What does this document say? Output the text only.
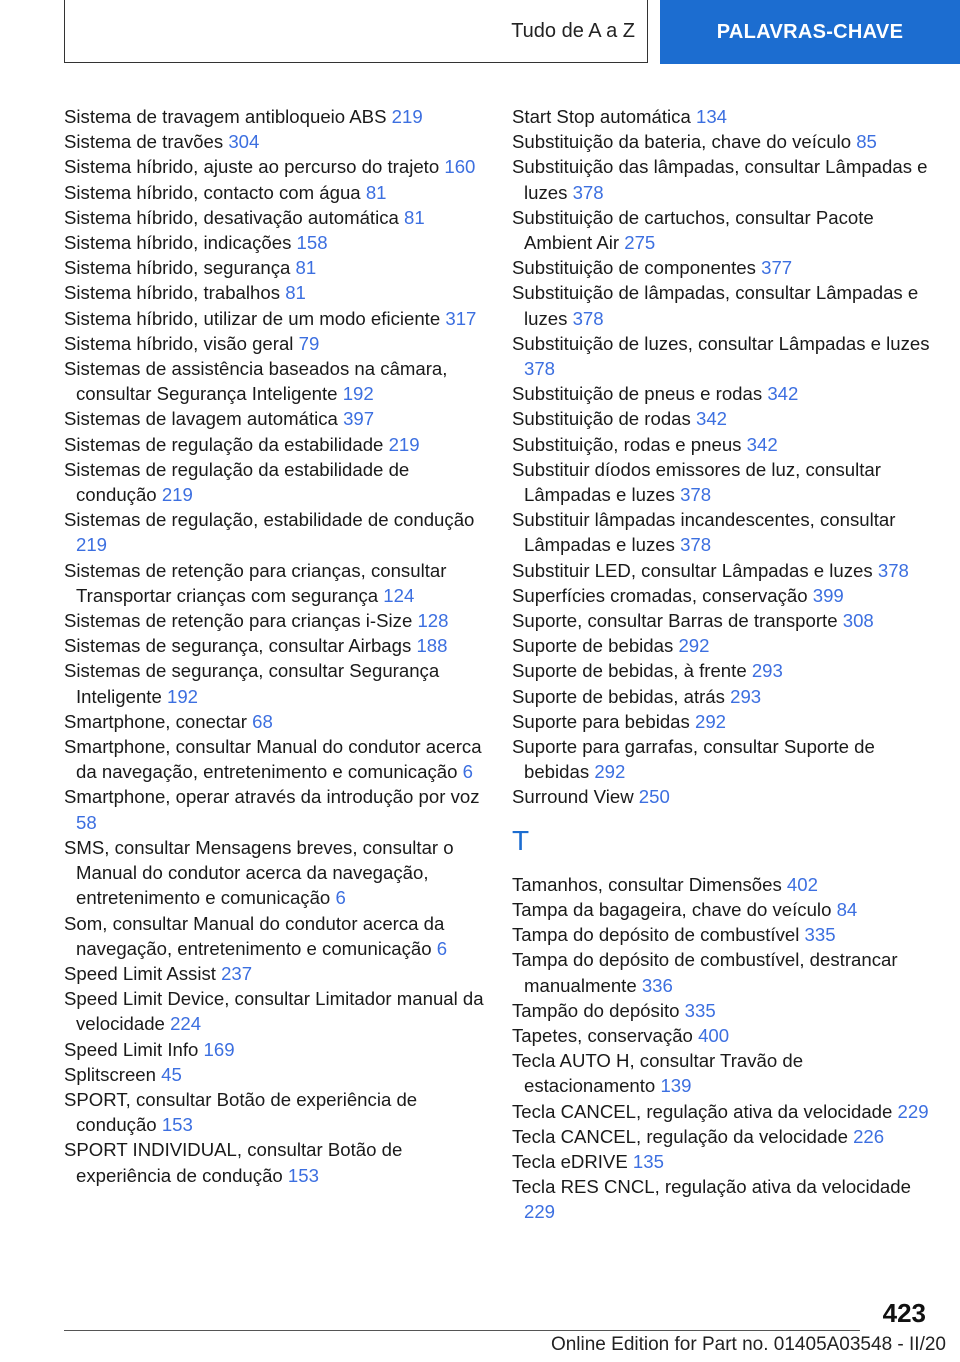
Tudo de A a Z	PALAVRAS-CHAVE
Sistema de travagem antibloqueio ABS 219
Sistema de travões 304
Sistema híbrido, ajuste ao percurso do trajeto 160
Sistema híbrido, contacto com água 81
Sistema híbrido, desativação automática 81
Sistema híbrido, indicações 158
Sistema híbrido, segurança 81
Sistema híbrido, trabalhos 81
Sistema híbrido, utilizar de um modo eficiente 317
Sistema híbrido, visão geral 79
Sistemas de assistência baseados na câmara, consultar Segurança Inteligente 192
Sistemas de lavagem automática 397
Sistemas de regulação da estabilidade 219
Sistemas de regulação da estabilidade de condução 219
Sistemas de regulação, estabilidade de condução 219
Sistemas de retenção para crianças, consultar Transportar crianças com segurança 124
Sistemas de retenção para crianças i-Size 128
Sistemas de segurança, consultar Airbags 188
Sistemas de segurança, consultar Segurança Inteligente 192
Smartphone, conectar 68
Smartphone, consultar Manual do condutor acerca da navegação, entretenimento e comunicação 6
Smartphone, operar através da introdução por voz 58
SMS, consultar Mensagens breves, consultar o Manual do condutor acerca da navegação, entretenimento e comunicação 6
Som, consultar Manual do condutor acerca da navegação, entretenimento e comunicação 6
Speed Limit Assist 237
Speed Limit Device, consultar Limitador manual da velocidade 224
Speed Limit Info 169
Splitscreen 45
SPORT, consultar Botão de experiência de condução 153
SPORT INDIVIDUAL, consultar Botão de experiência de condução 153
Start Stop automática 134
Substituição da bateria, chave do veículo 85
Substituição das lâmpadas, consultar Lâmpadas e luzes 378
Substituição de cartuchos, consultar Pacote Ambient Air 275
Substituição de componentes 377
Substituição de lâmpadas, consultar Lâmpadas e luzes 378
Substituição de luzes, consultar Lâmpadas e luzes 378
Substituição de pneus e rodas 342
Substituição de rodas 342
Substituição, rodas e pneus 342
Substituir díodos emissores de luz, consultar Lâmpadas e luzes 378
Substituir lâmpadas incandescentes, consultar Lâmpadas e luzes 378
Substituir LED, consultar Lâmpadas e luzes 378
Superfícies cromadas, conservação 399
Suporte, consultar Barras de transporte 308
Suporte de bebidas 292
Suporte de bebidas, à frente 293
Suporte de bebidas, atrás 293
Suporte para bebidas 292
Suporte para garrafas, consultar Suporte de bebidas 292
Surround View 250
T
Tamanhos, consultar Dimensões 402
Tampa da bagageira, chave do veículo 84
Tampa do depósito de combustível 335
Tampa do depósito de combustível, destrancar manualmente 336
Tampão do depósito 335
Tapetes, conservação 400
Tecla AUTO H, consultar Travão de estacionamento 139
Tecla CANCEL, regulação ativa da velocidade 229
Tecla CANCEL, regulação da velocidade 226
Tecla eDRIVE 135
Tecla RES CNCL, regulação ativa da velocidade 229
423
Online Edition for Part no. 01405A03548 - II/20
